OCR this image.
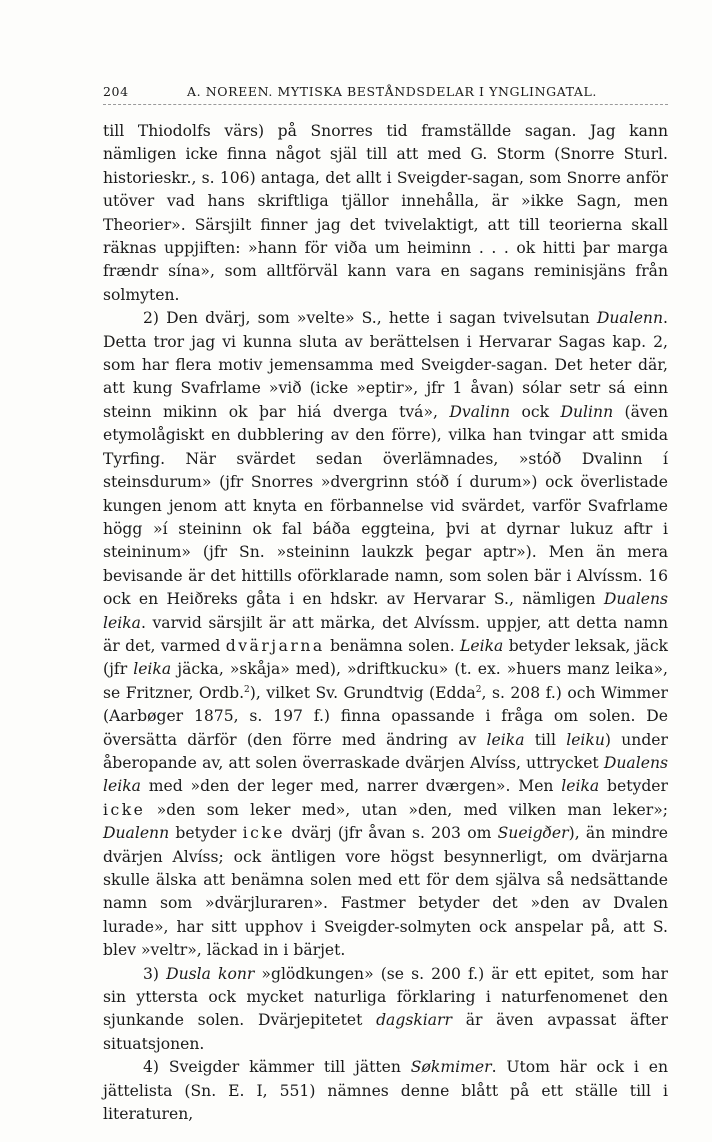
204	A. NOREEN. MYTISKA BESTÅNDSDELAR I YNGLINGATAL.

till Thiodolfs värs) på Snorres tid framställde sagan. Jag kann nämligen icke finna något själ till att med G. Storm (Snorre Sturl. historieskr., s. 106) antaga, det allt i Sveigder-sagan, som Snorre anför utöver vad hans skriftliga tjällor innehålla, är »ikke Sagn, men Theorier». Särsjilt finner jag det tvivelaktigt, att till teorierna skall räknas uppjiften: »hann för viða um heiminn . . . ok hitti þar marga frændr sína», som alltförväl kann vara en sagans reminisjäns från solmyten.

2) Den dvärj, som »velte» S., hette i sagan tvivelsutan Dualenn. Detta tror jag vi kunna sluta av berättelsen i Hervarar Sagas kap. 2, som har flera motiv jemensamma med Sveigder-sagan. Det heter där, att kung Svafrlame »við (icke »eptir», jfr 1 åvan) sólar setr sá einn steinn mikinn ok þar hiá dverga tvá», Dvalinn ock Dulinn (även etymolågiskt en dubblering av den förre), vilka han tvingar att smida Tyrfing. När svärdet sedan överlämnades, »stóð Dvalinn í steinsdurum» (jfr Snorres »dvergrinn stóð í durum») ock överlistade kungen jenom att knyta en förbannelse vid svärdet, varför Svafrlame högg »í steininn ok fal báða eggteina, þvi at dyrnar lukuz aftr i steininum» (jfr Sn. »steininn laukzk þegar aptr»). Men än mera bevisande är det hittills oförklarade namn, som solen bär i Alvíssm. 16 ock en Heiðreks gåta i en hdskr. av Hervarar S., nämligen Dualens leika. varvid särsjilt är att märka, det Alvíssm. uppjer, att detta namn är det, varmed dvärjarna benämna solen. Leika betyder leksak, jäck (jfr leika jäcka, »skåja» med), »driftkucku» (t. ex. »huers manz leika», se Fritzner, Ordb.$^2$), vilket Sv. Grundtvig (Edda$^2$, s. 208 f.) och Wimmer (Aarbøger 1875, s. 197 f.) finna opassande i fråga om solen. De översätta därför (den förre med ändring av leika till leiku) under åberopande av, att solen överraskade dvärjen Alvíss, uttrycket Dualens leika med »den der leger med, narrer dværgen». Men leika betyder icke »den som leker med», utan »den, med vilken man leker»; Dualenn betyder icke dvärj (jfr åvan s. 203 om Sueigðer), än mindre dvärjen Alvíss; ock äntligen vore högst besynnerligt, om dvärjarna skulle älska att benämna solen med ett för dem själva så nedsättande namn som »dvärjluraren». Fastmer betyder det »den av Dvalen lurade», har sitt upphov i Sveigder-solmyten ock anspelar på, att S. blev »veltr», läckad in i bärjet.

3) Dusla konr »glödkungen» (se s. 200 f.) är ett epitet, som har sin yttersta ock mycket naturliga förklaring i naturfenomenet den sjunkande solen. Dvärjepitetet dagskiarr är även avpassat äfter situatsjonen.

4) Sveigder kämmer till jätten Søkmimer. Utom här ock i en jättelista (Sn. E. I, 551) nämnes denne blått på ett ställe till i literaturen,
